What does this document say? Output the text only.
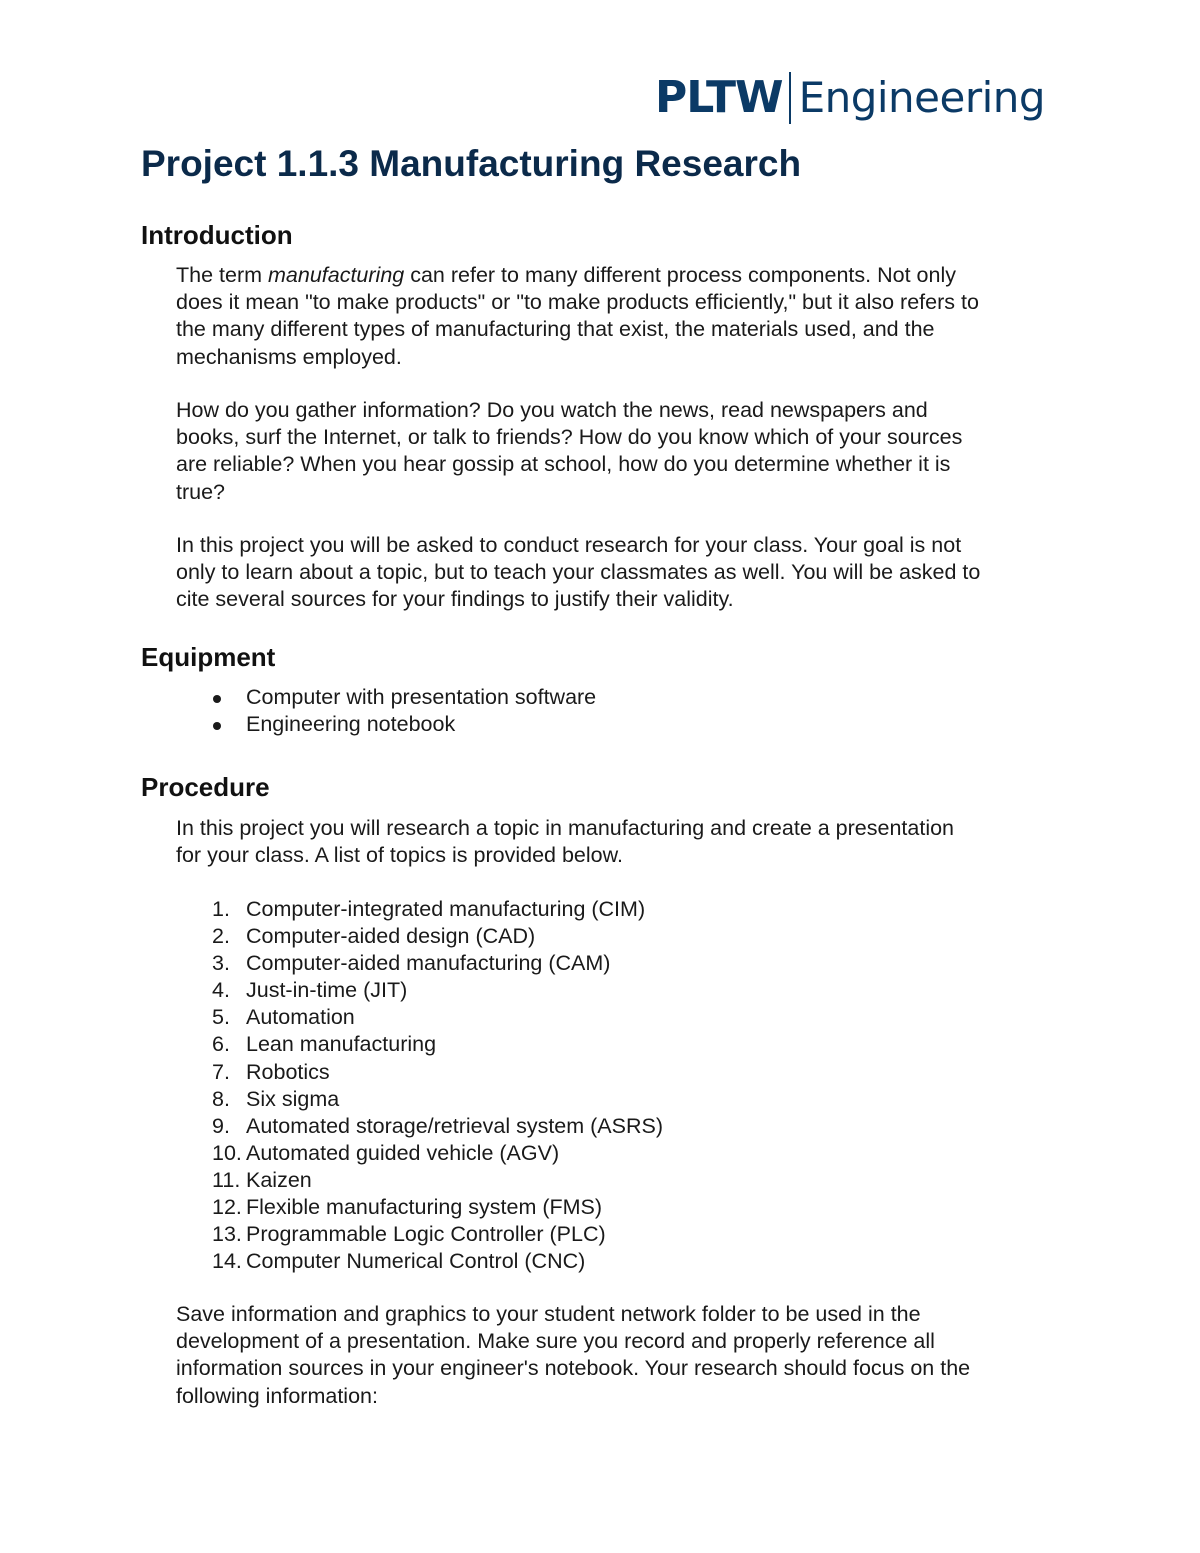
PLTW Engineering
Project 1.1.3 Manufacturing Research
Introduction

The term manufacturing can refer to many different process components. Not only
does it mean "to make products" or "to make products efficiently," but it also refers to
the many different types of manufacturing that exist, the materials used, and the
mechanisms employed.

How do you gather information? Do you watch the news, read newspapers and
books, surf the Internet, or talk to friends? How do you know which of your sources
are reliable? When you hear gossip at school, how do you determine whether it is
true?

In this project you will be asked to conduct research for your class. Your goal is not
only to learn about a topic, but to teach your classmates as well. You will be asked to
cite several sources for your findings to justify their validity.

Equipment
Computer with presentation software
Engineering notebook
Procedure

In this project you will research a topic in manufacturing and create a presentation
for your class. A list of topics is provided below.

1. Computer-integrated manufacturing (CIM)
2. Computer-aided design (CAD)
3. Computer-aided manufacturing (CAM)
4. Just-in-time (JIT)
5. Automation
6. Lean manufacturing
7. Robotics
8. Six sigma
9. Automated storage/retrieval system (ASRS)
10. Automated guided vehicle (AGV)
11. Kaizen
12. Flexible manufacturing system (FMS)
13. Programmable Logic Controller (PLC)
14. Computer Numerical Control (CNC)

Save information and graphics to your student network folder to be used in the
development of a presentation. Make sure you record and properly reference all
information sources in your engineer's notebook. Your research should focus on the
following information:
